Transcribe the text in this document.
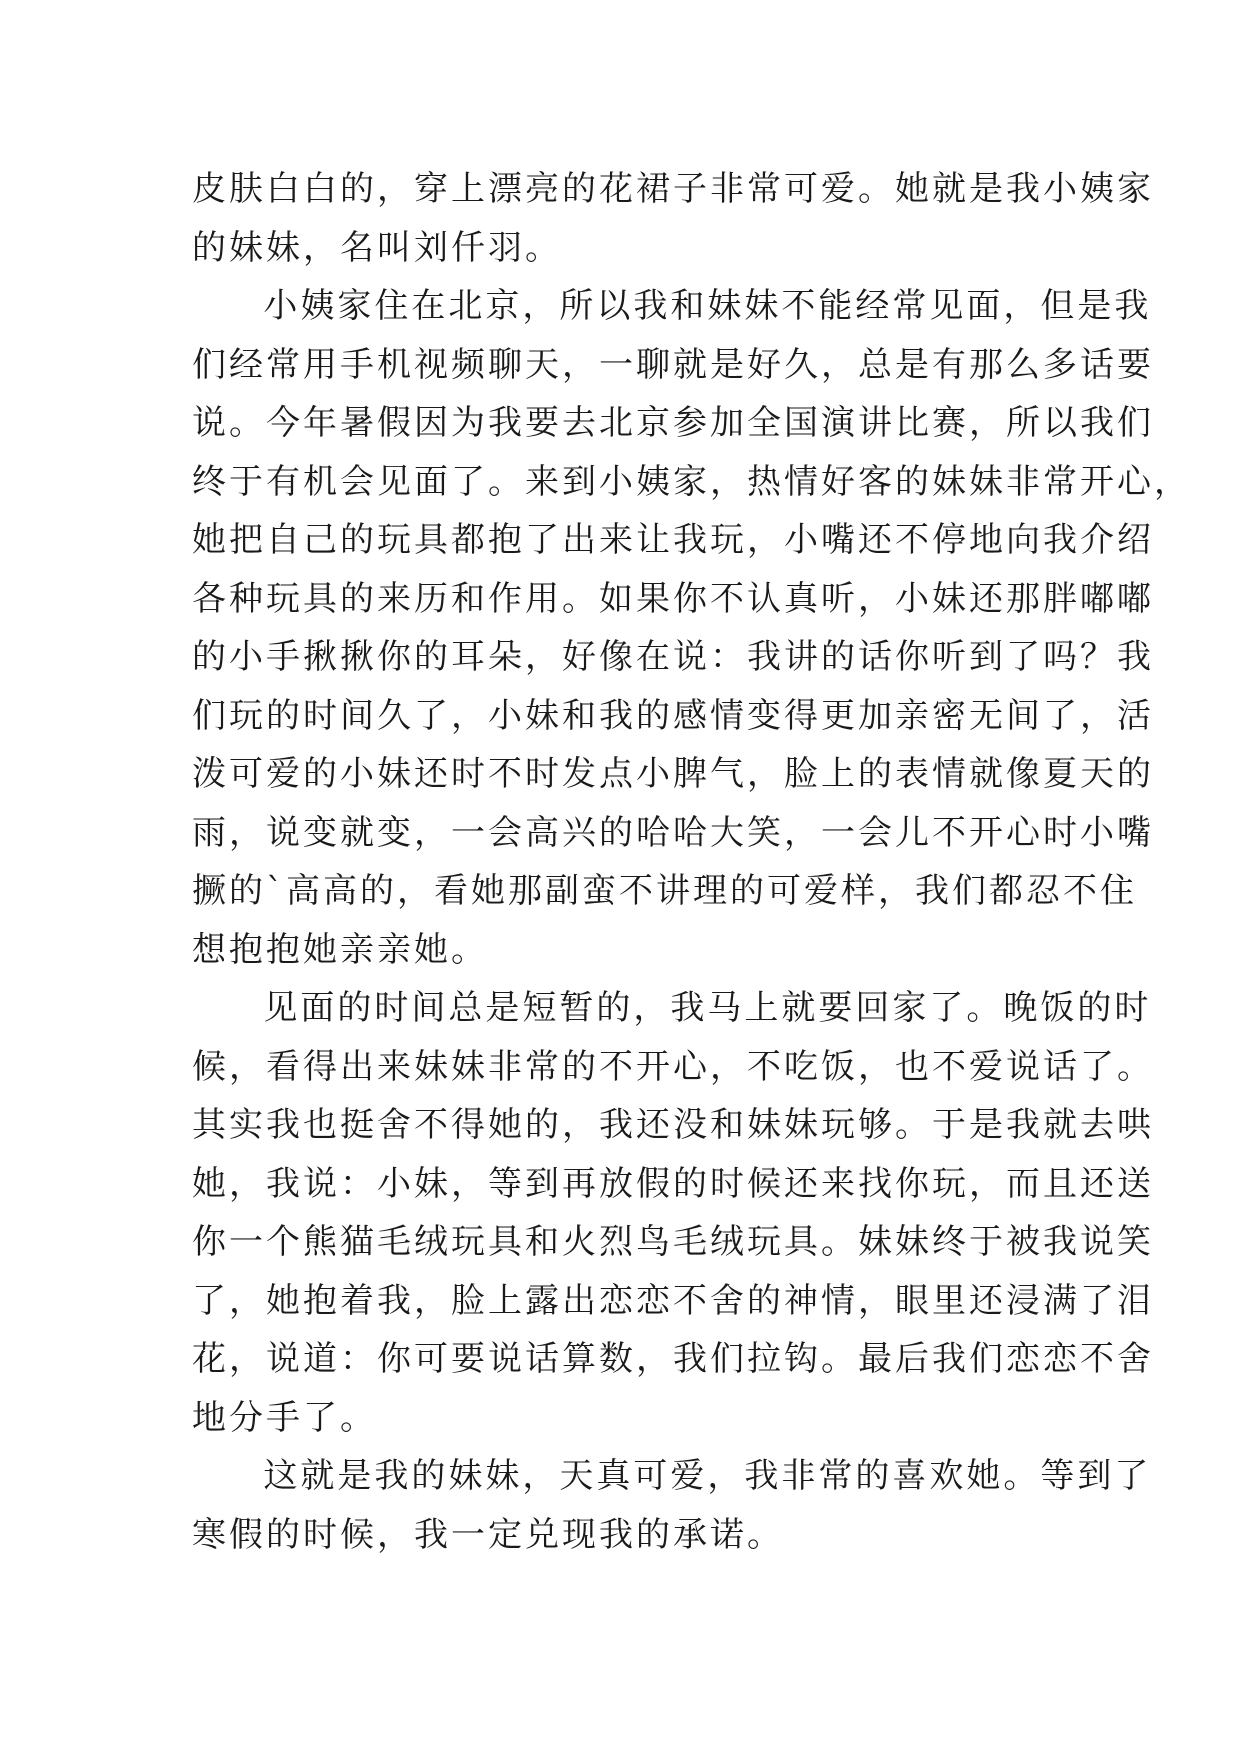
皮肤白白的，穿上漂亮的花裙子非常可爱。她就是我小姨家
的妹妹，名叫刘仟羽。

小姨家住在北京，所以我和妹妹不能经常见面，但是我
们经常用手机视频聊天，一聊就是好久，总是有那么多话要
说。今年暑假因为我要去北京参加全国演讲比赛，所以我们
终于有机会见面了。来到小姨家，热情好客的妹妹非常开心，
她把自己的玩具都抱了出来让我玩，小嘴还不停地向我介绍
各种玩具的来历和作用。如果你不认真听，小妹还那胖嘟嘟
的小手揪揪你的耳朵，好像在说：我讲的话你听到了吗？我
们玩的时间久了，小妹和我的感情变得更加亲密无间了，活
泼可爱的小妹还时不时发点小脾气，脸上的表情就像夏天的
雨，说变就变，一会高兴的哈哈大笑，一会儿不开心时小嘴
撅的`高高的，看她那副蛮不讲理的可爱样，我们都忍不住
想抱抱她亲亲她。

见面的时间总是短暂的，我马上就要回家了。晚饭的时
候，看得出来妹妹非常的不开心，不吃饭，也不爱说话了。
其实我也挺舍不得她的，我还没和妹妹玩够。于是我就去哄
她，我说：小妹，等到再放假的时候还来找你玩，而且还送
你一个熊猫毛绒玩具和火烈鸟毛绒玩具。妹妹终于被我说笑
了，她抱着我，脸上露出恋恋不舍的神情，眼里还浸满了泪
花，说道：你可要说话算数，我们拉钩。最后我们恋恋不舍
地分手了。

这就是我的妹妹，天真可爱，我非常的喜欢她。等到了
寒假的时候，我一定兑现我的承诺。
